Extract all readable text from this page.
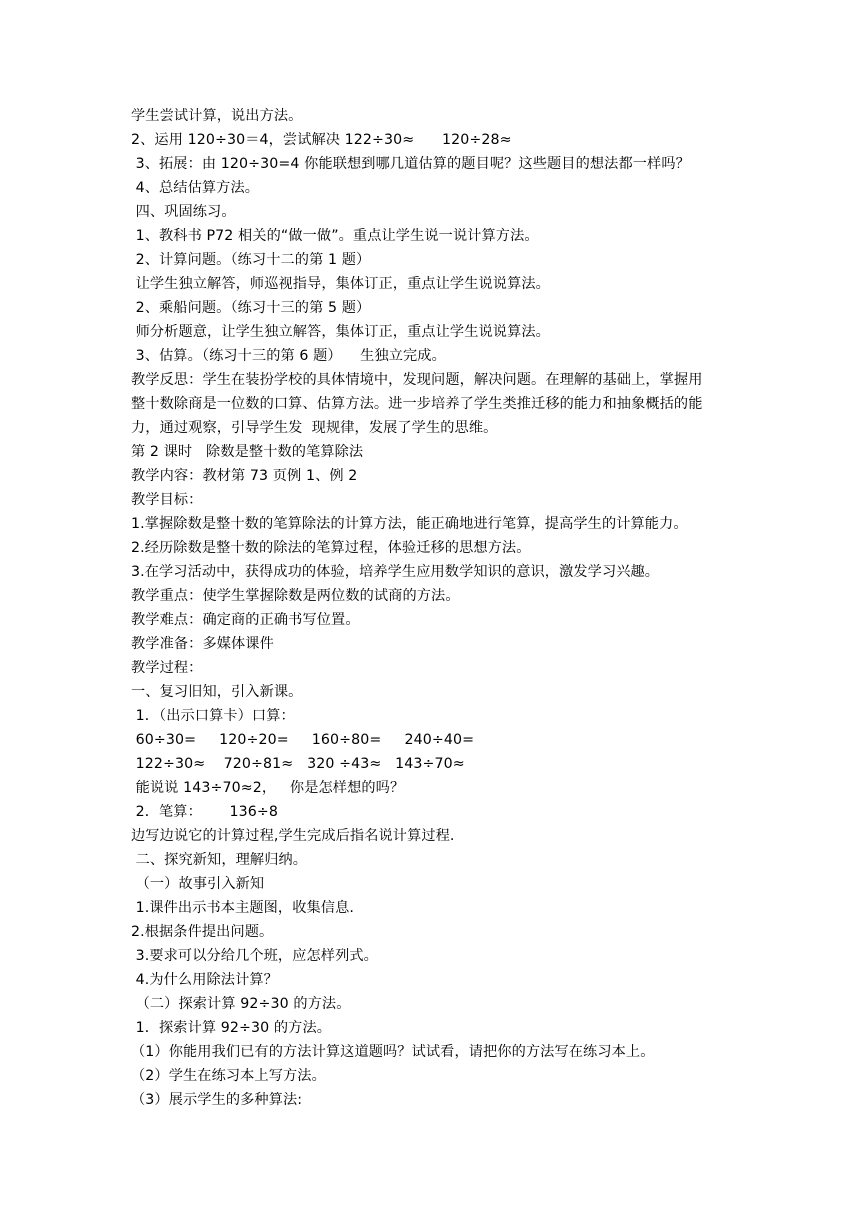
学生尝试计算，说出方法。
2、运用 120÷30＝4，尝试解决 122÷30≈      120÷28≈
3、拓展：由 120÷30=4 你能联想到哪几道估算的题目呢？这些题目的想法都一样吗？
4、总结估算方法。
四、巩固练习。
1、教科书 P72 相关的“做一做”。重点让学生说一说计算方法。
2、计算问题。（练习十二的第 1 题）
让学生独立解答，师巡视指导，集体订正，重点让学生说说算法。
2、乘船问题。（练习十三的第 5 题）
师分析题意，让学生独立解答，集体订正，重点让学生说说算法。
3、估算。（练习十三的第 6 题）    生独立完成。
教学反思：学生在装扮学校的具体情境中，发现问题，解决问题。在理解的基础上，掌握用
整十数除商是一位数的口算、估算方法。进一步培养了学生类推迁移的能力和抽象概括的能
力，通过观察，引导学生发  现规律，发展了学生的思维。
第 2 课时   除数是整十数的笔算除法
教学内容：教材第 73 页例 1、例 2
教学目标：
1.掌握除数是整十数的笔算除法的计算方法，能正确地进行笔算，提高学生的计算能力。
2.经历除数是整十数的除法的笔算过程，体验迁移的思想方法。
3.在学习活动中，获得成功的体验，培养学生应用数学知识的意识，激发学习兴趣。
教学重点：使学生掌握除数是两位数的试商的方法。
教学难点：确定商的正确书写位置。
教学准备：多媒体课件
教学过程：
一、复习旧知，引入新课。
1．（出示口算卡）口算：
60÷30=     120÷20=     160÷80=     240÷40=
122÷30≈    720÷81≈   320 ÷43≈   143÷70≈
能说说 143÷70≈2，   你是怎样想的吗？
2．笔算：      136÷8
边写边说它的计算过程,学生完成后指名说计算过程.
二、探究新知，理解归纳。
（一）故事引入新知
1.课件出示书本主题图，收集信息.
2.根据条件提出问题。
3.要求可以分给几个班，应怎样列式。
4.为什么用除法计算？
（二）探索计算 92÷30 的方法。
1．探索计算 92÷30 的方法。
（1）你能用我们已有的方法计算这道题吗？试试看，请把你的方法写在练习本上。
（2）学生在练习本上写方法。
（3）展示学生的多种算法:
